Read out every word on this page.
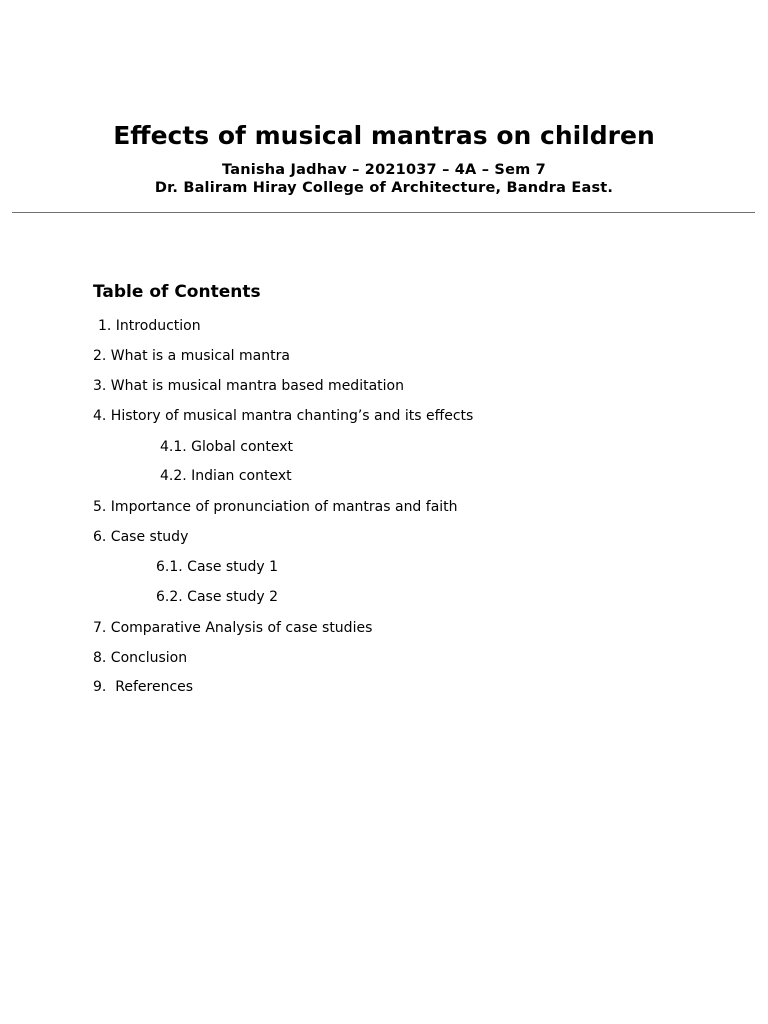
Effects of musical mantras on children
Tanisha Jadhav – 2021037 – 4A – Sem 7
Dr. Baliram Hiray College of Architecture, Bandra East.
Table of Contents
1. Introduction
2. What is a musical mantra
3. What is musical mantra based meditation
4. History of musical mantra chanting’s and its effects
4.1. Global context
4.2. Indian context
5. Importance of pronunciation of mantras and faith
6. Case study
6.1. Case study 1
6.2. Case study 2
7. Comparative Analysis of case studies
8. Conclusion
9.  References
